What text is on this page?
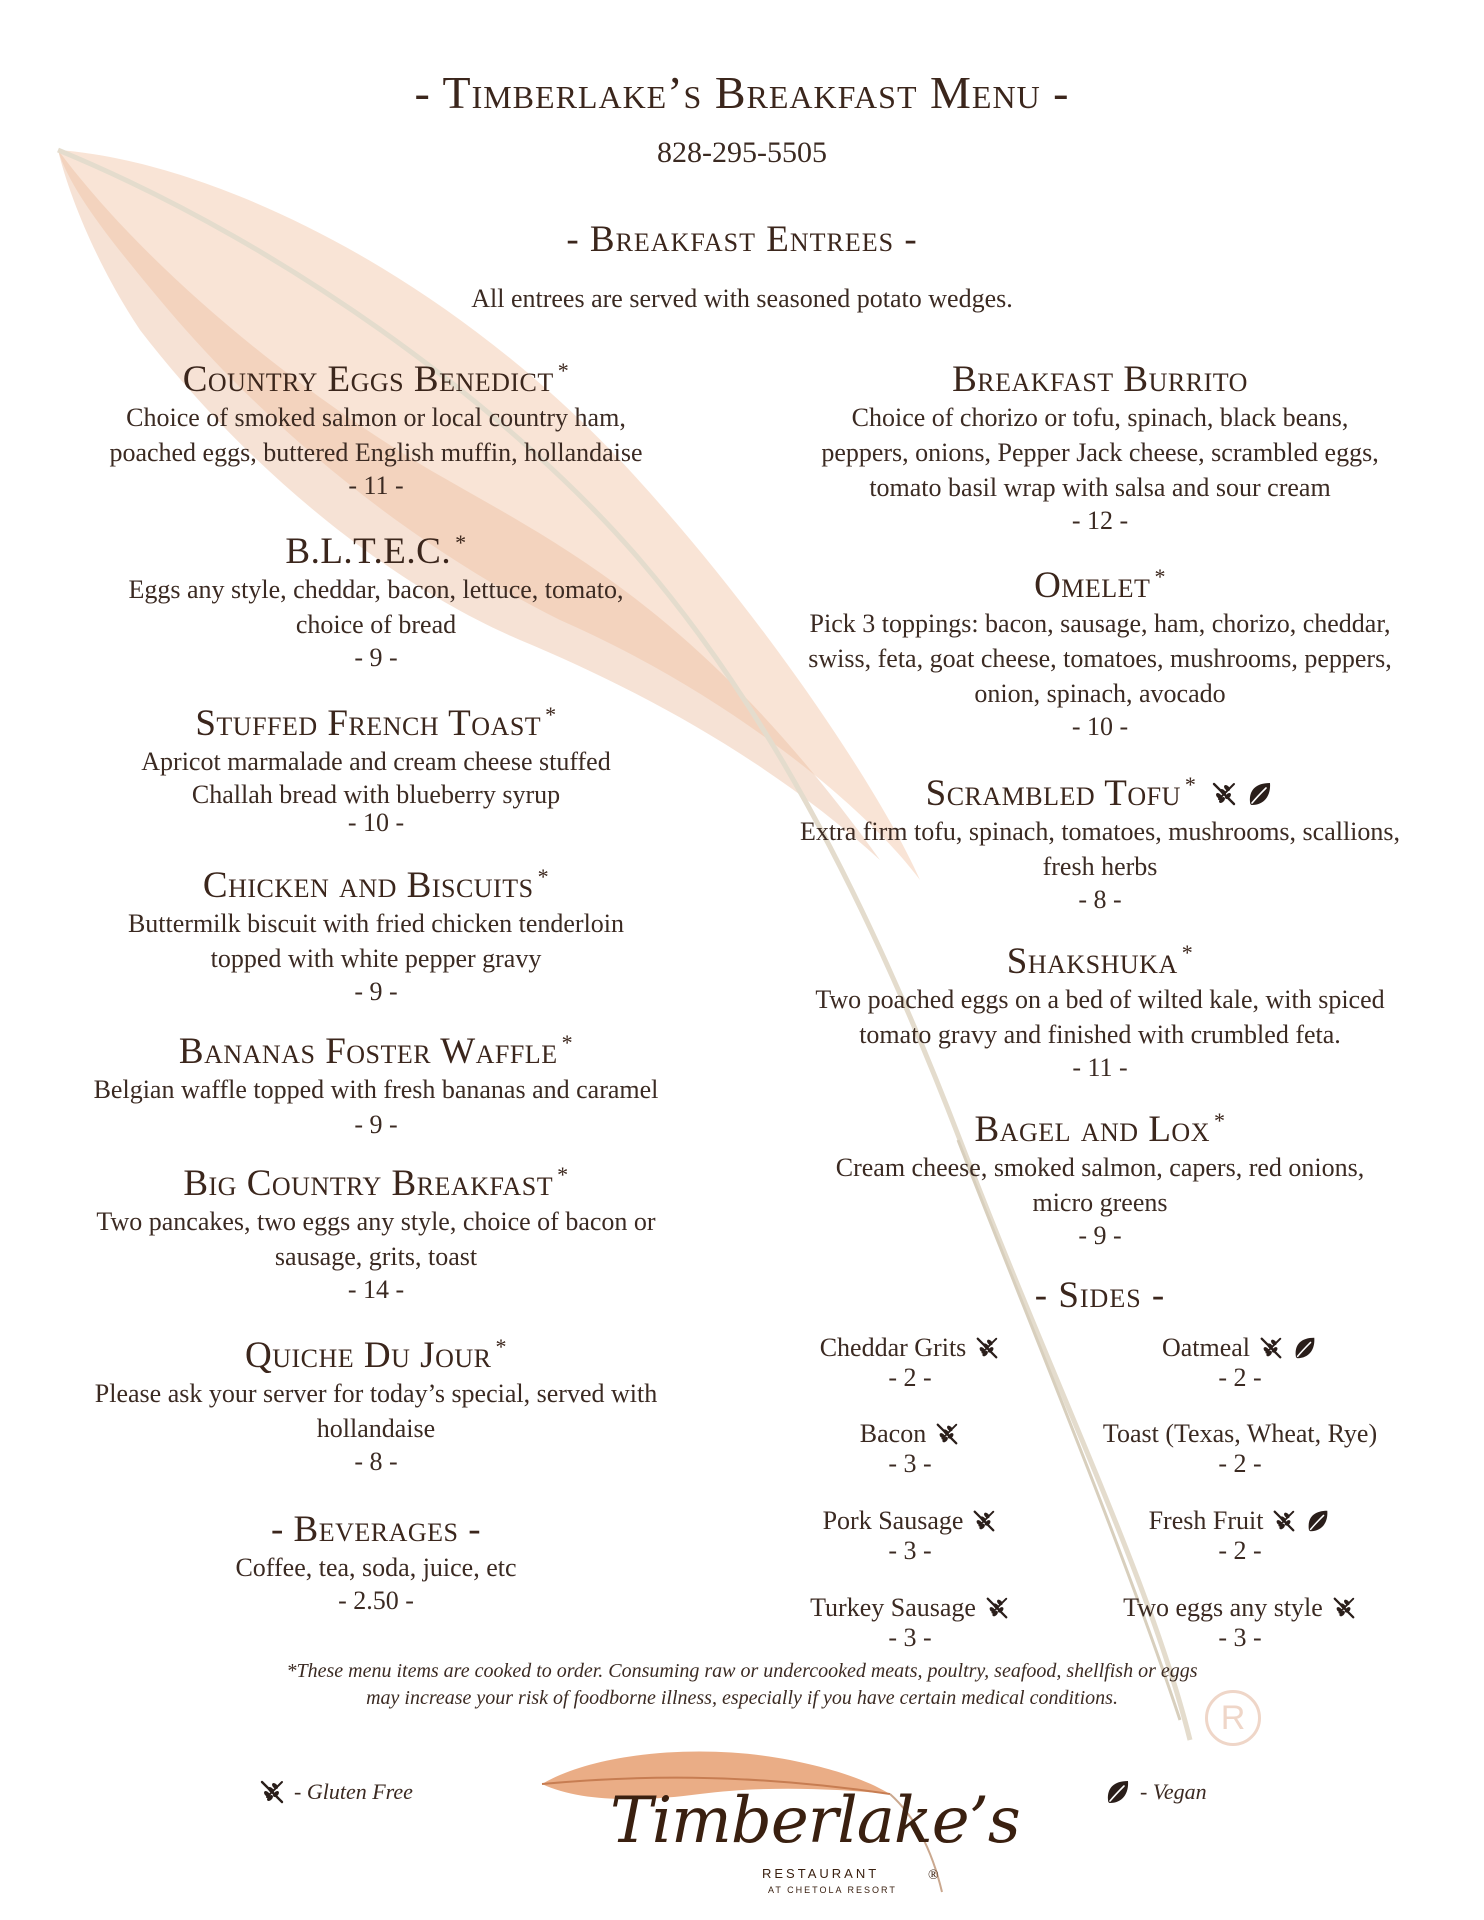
- Timberlake’s Breakfast Menu -
828-295-5505
- Breakfast Entrees -
All entrees are served with seasoned potato wedges.
Country Eggs Benedict *
Choice of smoked salmon or local country ham,
poached eggs, buttered English muffin, hollandaise
- 11 -
B.L.T.E.C. *
Eggs any style, cheddar, bacon, lettuce, tomato,
choice of bread
- 9 -
Stuffed French Toast *
Apricot marmalade and cream cheese stuffed
Challah bread with blueberry syrup
- 10 -
Chicken and Biscuits *
Buttermilk biscuit with fried chicken tenderloin
topped with white pepper gravy
- 9 -
Bananas Foster Waffle *
Belgian waffle topped with fresh bananas and caramel
- 9 -
Big Country Breakfast *
Two pancakes, two eggs any style, choice of bacon or
sausage, grits, toast
- 14 -
Quiche Du Jour *
Please ask your server for today’s special, served with
hollandaise
- 8 -
- Beverages -
Coffee, tea, soda, juice, etc
- 2.50 -
Breakfast Burrito
Choice of chorizo or tofu, spinach, black beans,
peppers, onions, Pepper Jack cheese, scrambled eggs,
tomato basil wrap with salsa and sour cream
- 12 -
Omelet *
Pick 3 toppings: bacon, sausage, ham, chorizo, cheddar,
swiss, feta, goat cheese, tomatoes, mushrooms, peppers,
onion, spinach, avocado
- 10 -
Scrambled Tofu *
Extra firm tofu, spinach, tomatoes, mushrooms, scallions,
fresh herbs
- 8 -
Shakshuka *
Two poached eggs on a bed of wilted kale, with spiced
tomato gravy and finished with crumbled feta.
- 11 -
Bagel and Lox *
Cream cheese, smoked salmon, capers, red onions,
micro greens
- 9 -
- Sides -
Cheddar Grits
- 2 -
Oatmeal
- 2 -
Bacon
- 3 -
Toast (Texas, Wheat, Rye)
- 2 -
Pork Sausage
- 3 -
Fresh Fruit
- 2 -
Turkey Sausage
- 3 -
Two eggs any style
- 3 -
*These menu items are cooked to order. Consuming raw or undercooked meats, poultry, seafood, shellfish or eggs
may increase your risk of foodborne illness, especially if you have certain medical conditions.
R
- Gluten Free	- Vegan
Timberlake’s
RESTAURANT
AT CHETOLA RESORT
®
